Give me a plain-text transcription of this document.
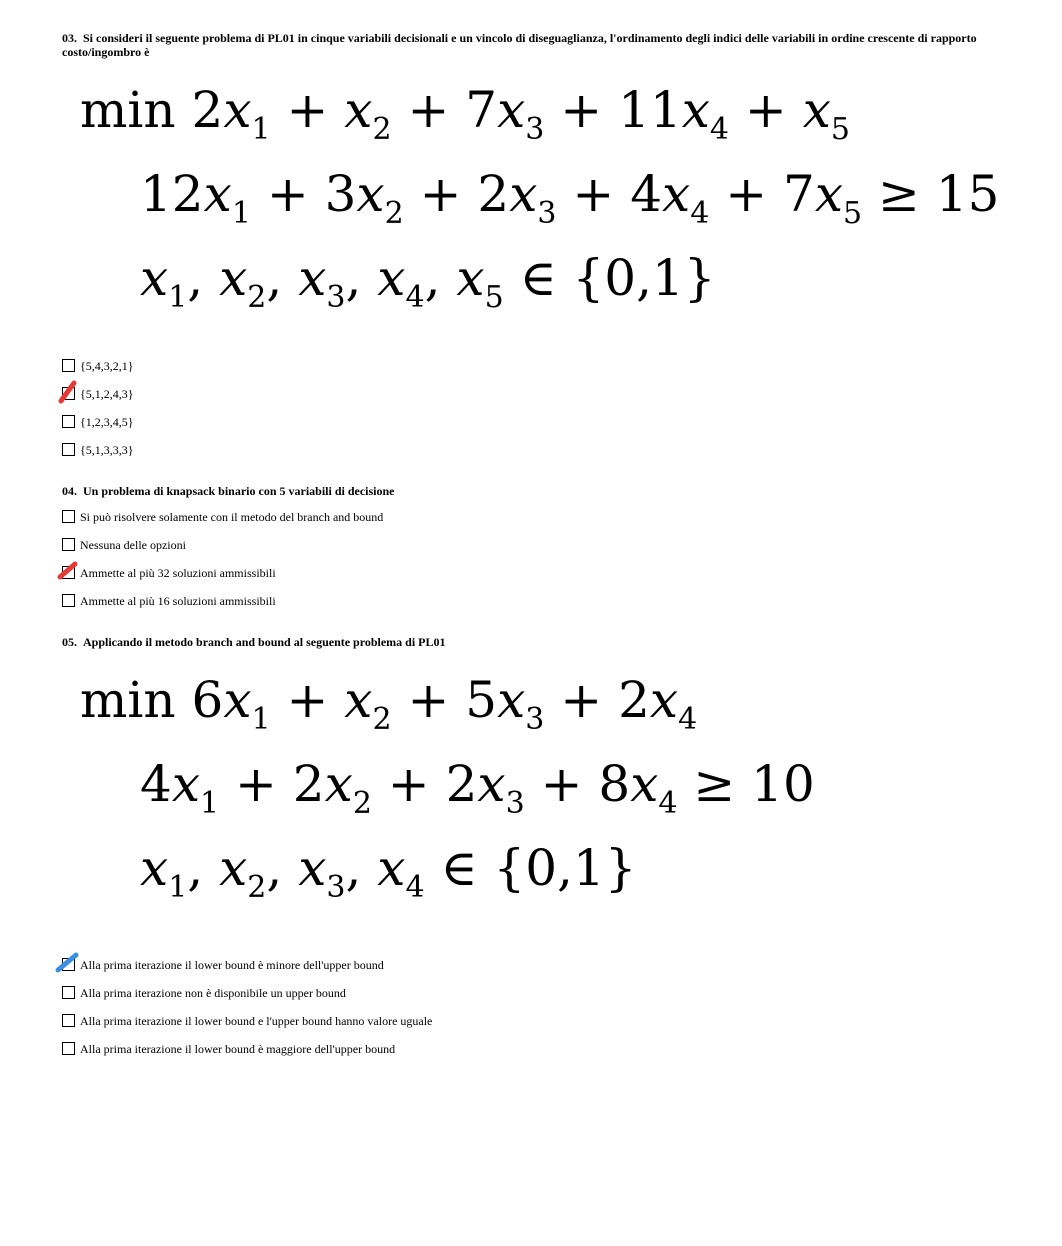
03. Si consideri il seguente problema di PL01 in cinque variabili decisionali e un vincolo di diseguaglianza, l'ordinamento degli indici delle variabili in ordine crescente di rapporto
costo/ingombro è
$\min 2x_1 + x_2 + 7x_3 + 11x_4 + x_5$
$12x_1 + 3x_2 + 2x_3 + 4x_4 + 7x_5 \ge 15$
$x_1$, $x_2$, $x_3$, $x_4$, $x_5$ ∈ {0,1}
{5,4,3,2,1}
{5,1,2,4,3}
{1,2,3,4,5}
{5,1,3,3,3}
04. Un problema di knapsack binario con 5 variabili di decisione
Si può risolvere solamente con il metodo del branch and bound
Nessuna delle opzioni
Ammette al più 32 soluzioni ammissibili
Ammette al più 16 soluzioni ammissibili
05. Applicando il metodo branch and bound al seguente problema di PL01
$\min 6x_1 + x_2 + 5x_3 + 2x_4$
$4x_1 + 2x_2 + 2x_3 + 8x_4 \ge 10$
$x_1$, $x_2$, $x_3$, $x_4$ ∈ {0,1}
Alla prima iterazione il lower bound è minore dell'upper bound
Alla prima iterazione non è disponibile un upper bound
Alla prima iterazione il lower bound e l'upper bound hanno valore uguale
Alla prima iterazione il lower bound è maggiore dell'upper bound
